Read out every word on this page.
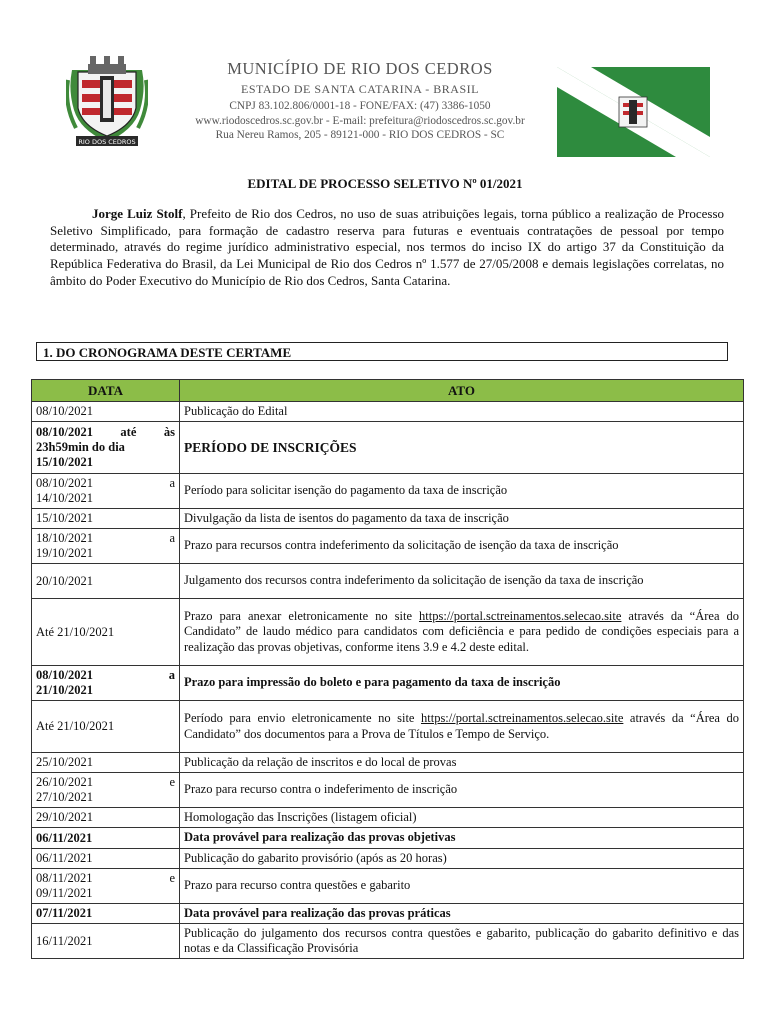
RIO DOS CEDROS
MUNICÍPIO DE RIO DOS CEDROS
ESTADO DE SANTA CATARINA - BRASIL
CNPJ 83.102.806/0001-18 - FONE/FAX: (47) 3386-1050
www.riodoscedros.sc.gov.br - E-mail: prefeitura@riodoscedros.sc.gov.br
Rua Nereu Ramos, 205 - 89121-000 - RIO DOS CEDROS - SC
EDITAL DE PROCESSO SELETIVO Nº 01/2021

Jorge Luiz Stolf, Prefeito de Rio dos Cedros, no uso de suas atribuições legais, torna público a realização de Processo Seletivo Simplificado, para formação de cadastro reserva para futuras e eventuais contratações de pessoal por tempo determinado, através do regime jurídico administrativo especial, nos termos do inciso IX do artigo 37 da Constituição da República Federativa do Brasil, da Lei Municipal de Rio dos Cedros nº 1.577 de 27/05/2008 e demais legislações correlatas, no âmbito do Poder Executivo do Município de Rio dos Cedros, Santa Catarina.

1. DO CRONOGRAMA DESTE CERTAME
DATA	ATO
08/10/2021	Publicação do Edital

08/10/2021 até às
23h59min do dia
15/10/2021	PERÍODO DE INSCRIÇÕES

08/10/2021 a
14/10/2021	Período para solicitar isenção do pagamento da taxa de inscrição
15/10/2021	Divulgação da lista de isentos do pagamento da taxa de inscrição

18/10/2021 a
19/10/2021	Prazo para recursos contra indeferimento da solicitação de isenção da taxa de inscrição
20/10/2021	Julgamento dos recursos contra indeferimento da solicitação de isenção da taxa de inscrição
Até 21/10/2021	Prazo para anexar eletronicamente no site https://portal.sctreinamentos.selecao.site através da “Área do Candidato” de laudo médico para candidatos com deficiência e para pedido de condições especiais para a realização das provas objetivas, conforme itens 3.9 e 4.2 deste edital.

08/10/2021 a
21/10/2021	Prazo para impressão do boleto e para pagamento da taxa de inscrição
Até 21/10/2021	Período para envio eletronicamente no site https://portal.sctreinamentos.selecao.site através da “Área do Candidato” dos documentos para a Prova de Títulos e Tempo de Serviço.
25/10/2021	Publicação da relação de inscritos e do local de provas

26/10/2021 e
27/10/2021	Prazo para recurso contra o indeferimento de inscrição
29/10/2021	Homologação das Inscrições (listagem oficial)
06/11/2021	Data provável para realização das provas objetivas
06/11/2021	Publicação do gabarito provisório (após as 20 horas)

08/11/2021 e
09/11/2021	Prazo para recurso contra questões e gabarito
07/11/2021	Data provável para realização das provas práticas
16/11/2021	Publicação do julgamento dos recursos contra questões e gabarito, publicação do gabarito definitivo e das notas e da Classificação Provisória
